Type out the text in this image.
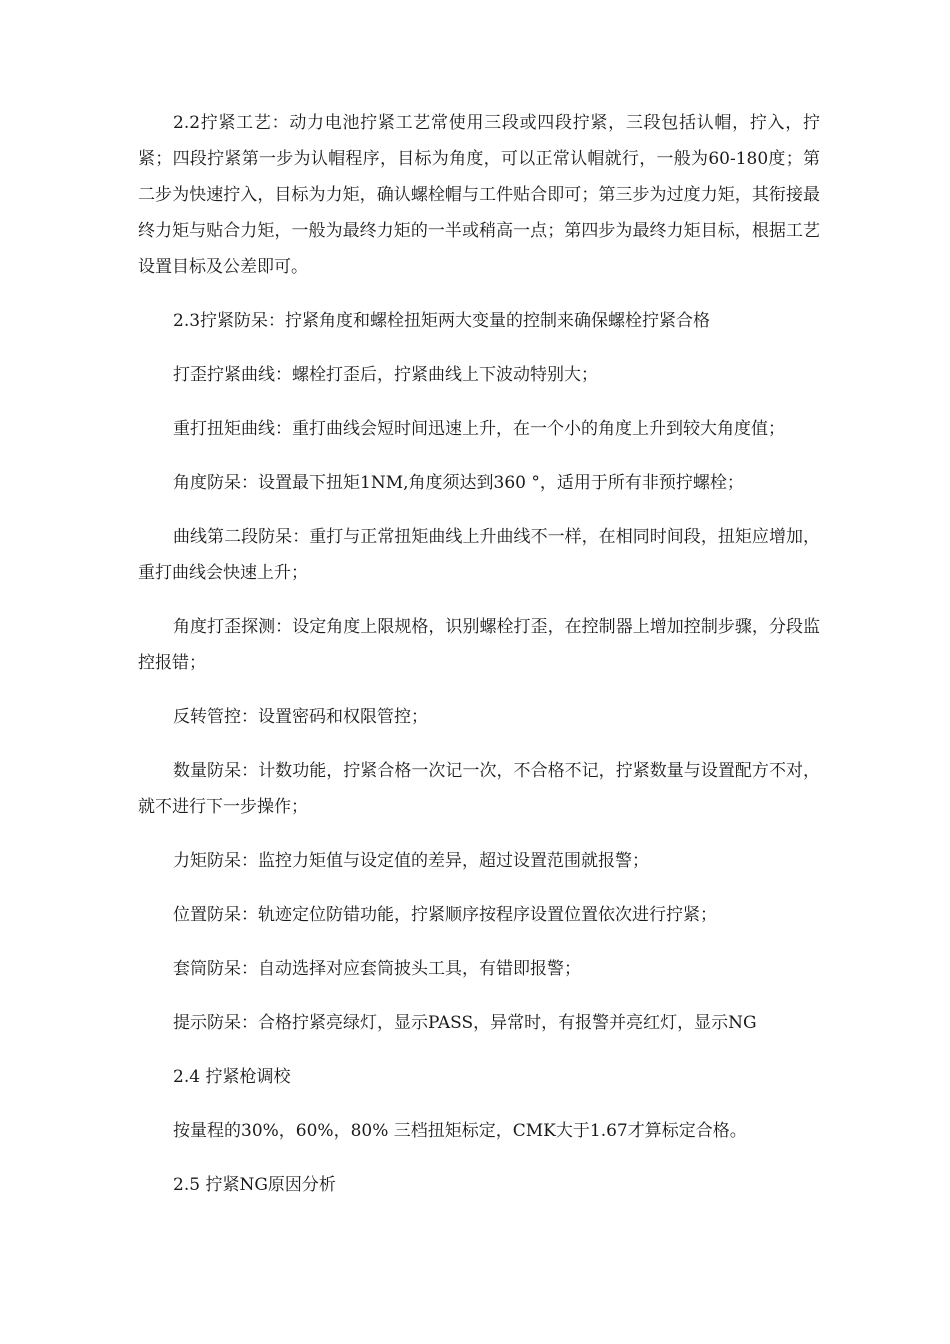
2.2拧紧工艺：动力电池拧紧工艺常使用三段或四段拧紧，三段包括认帽，拧入，拧紧；四段拧紧第一步为认帽程序，目标为角度，可以正常认帽就行，一般为60-180度；第二步为快速拧入，目标为力矩，确认螺栓帽与工件贴合即可；第三步为过度力矩，其衔接最终力矩与贴合力矩，一般为最终力矩的一半或稍高一点；第四步为最终力矩目标，根据工艺设置目标及公差即可。

2.3拧紧防呆：拧紧角度和螺栓扭矩两大变量的控制来确保螺栓拧紧合格

打歪拧紧曲线：螺栓打歪后，拧紧曲线上下波动特别大；

重打扭矩曲线：重打曲线会短时间迅速上升，在一个小的角度上升到较大角度值；

角度防呆：设置最下扭矩1NM,角度须达到360 °，适用于所有非预拧螺栓；

曲线第二段防呆：重打与正常扭矩曲线上升曲线不一样，在相同时间段，扭矩应增加，重打曲线会快速上升；

角度打歪探测：设定角度上限规格，识别螺栓打歪，在控制器上增加控制步骤，分段监控报错；

反转管控：设置密码和权限管控；

数量防呆：计数功能，拧紧合格一次记一次，不合格不记，拧紧数量与设置配方不对，就不进行下一步操作；

力矩防呆：监控力矩值与设定值的差异，超过设置范围就报警；

位置防呆：轨迹定位防错功能，拧紧顺序按程序设置位置依次进行拧紧；

套筒防呆：自动选择对应套筒披头工具，有错即报警；

提示防呆：合格拧紧亮绿灯，显示PASS，异常时，有报警并亮红灯，显示NG

2.4 拧紧枪调校

按量程的30%，60%，80% 三档扭矩标定，CMK大于1.67才算标定合格。

2.5 拧紧NG原因分析
